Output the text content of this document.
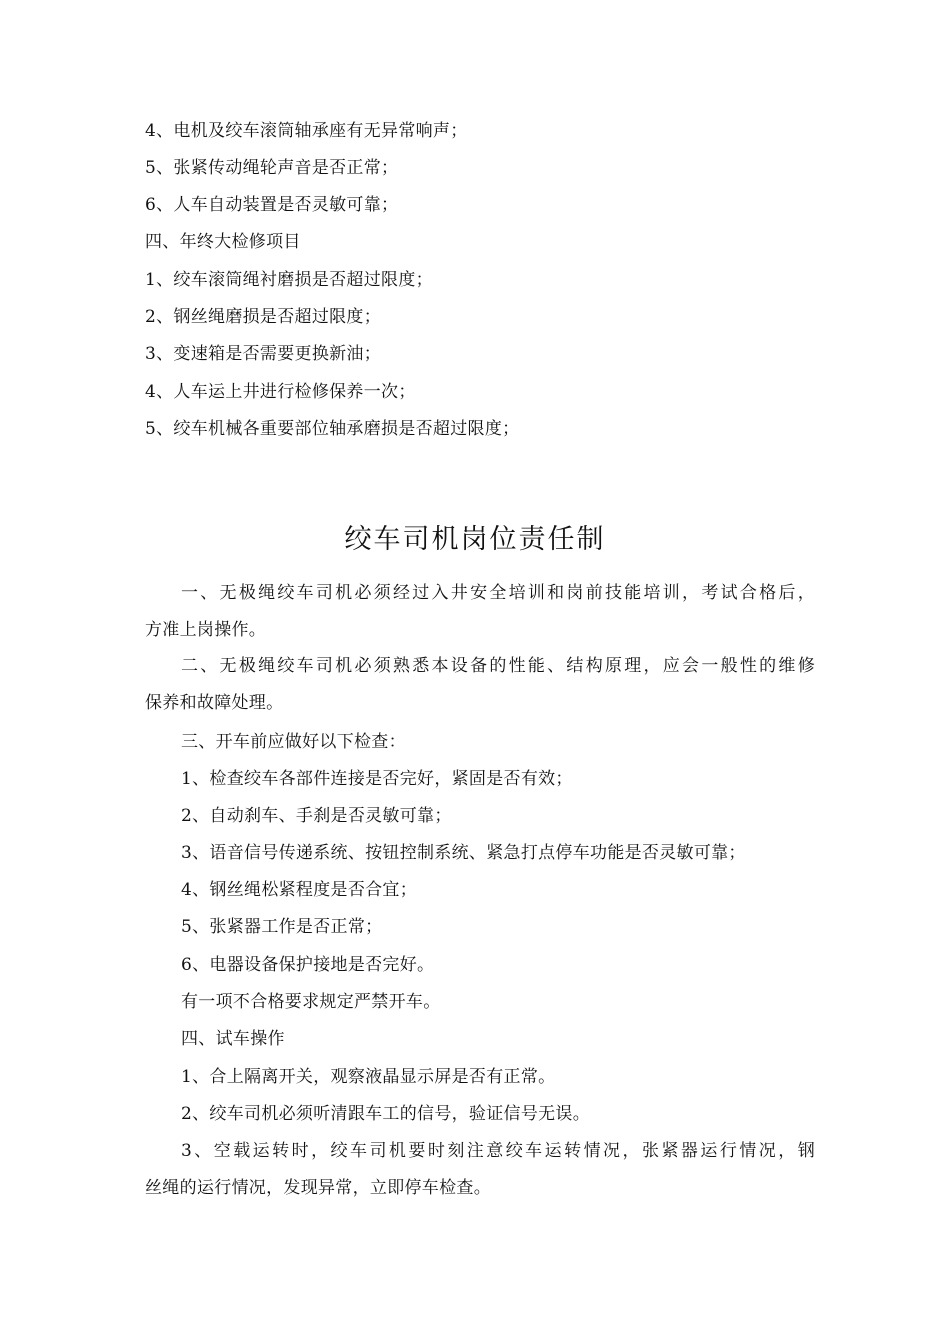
4、电机及绞车滚筒轴承座有无异常响声；
5、张紧传动绳轮声音是否正常；
6、人车自动装置是否灵敏可靠；
四、年终大检修项目
1、绞车滚筒绳衬磨损是否超过限度；
2、钢丝绳磨损是否超过限度；
3、变速箱是否需要更换新油；
4、人车运上井进行检修保养一次；
5、绞车机械各重要部位轴承磨损是否超过限度；
绞车司机岗位责任制
一、无极绳绞车司机必须经过入井安全培训和岗前技能培训，考试合格后，
方准上岗操作。
二、无极绳绞车司机必须熟悉本设备的性能、结构原理，应会一般性的维修
保养和故障处理。
三、开车前应做好以下检查：
1、检查绞车各部件连接是否完好，紧固是否有效；
2、自动刹车、手刹是否灵敏可靠；
3、语音信号传递系统、按钮控制系统、紧急打点停车功能是否灵敏可靠；
4、钢丝绳松紧程度是否合宜；
5、张紧器工作是否正常；
6、电器设备保护接地是否完好。
有一项不合格要求规定严禁开车。
四、试车操作
1、合上隔离开关，观察液晶显示屏是否有正常。
2、绞车司机必须听清跟车工的信号，验证信号无误。
3、空载运转时，绞车司机要时刻注意绞车运转情况，张紧器运行情况，钢
丝绳的运行情况，发现异常，立即停车检查。
